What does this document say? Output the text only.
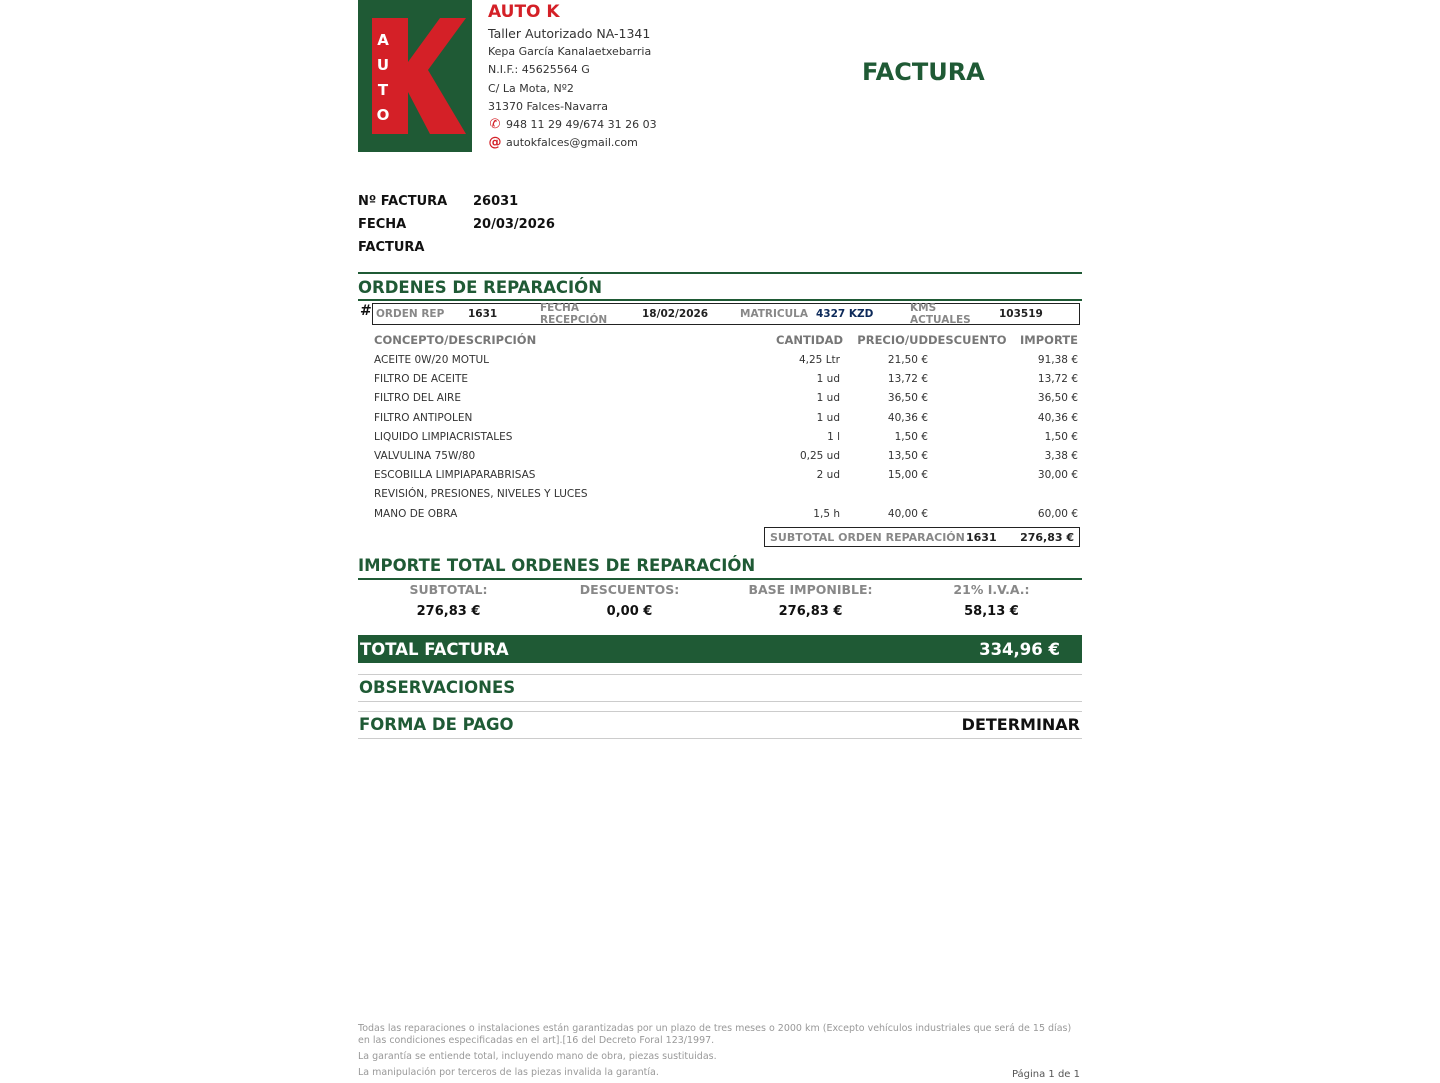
A
U
T
O
AUTO K
Taller Autorizado NA-1341
Kepa García Kanalaetxebarria
N.I.F.: 45625564 G
C/ La Mota, Nº2
31370 Falces-Navarra
✆ 948 11 29 49/674 31 26 03
@ autokfalces@gmail.com
FACTURA
Nº FACTURA	26031
FECHA FACTURA
20/03/2026
ORDENES DE REPARACIÓN
# ORDEN REP	1631	FECHA RECEPCIÓN	18/02/2026	MATRICULA 4327 KZD	KMS ACTUALES	103519
CONCEPTO/DESCRIPCIÓN	CANTIDAD	PRECIO/UD DESCUENTO	IMPORTE
ACEITE 0W/20 MOTUL	4,25 Ltr	21,50 €	91,38 €
FILTRO DE ACEITE	1 ud	13,72 €	13,72 €
FILTRO DEL AIRE	1 ud	36,50 €	36,50 €
FILTRO ANTIPOLEN	1 ud	40,36 €	40,36 €
LIQUIDO LIMPIACRISTALES	1 l	1,50 €	1,50 €
VALVULINA 75W/80	0,25 ud	13,50 €	3,38 €
ESCOBILLA LIMPIAPARABRISAS	2 ud	15,00 €	30,00 €
REVISIÓN, PRESIONES, NIVELES Y LUCES
MANO DE OBRA	1,5 h	40,00 €	60,00 €
SUBTOTAL ORDEN REPARACIÓN 1631	276,83 €
IMPORTE TOTAL ORDENES DE REPARACIÓN
SUBTOTAL:
276,83 €
DESCUENTOS:
0,00 €
BASE IMPONIBLE:
276,83 €
21% I.V.A.:
58,13 €
TOTAL FACTURA	334,96 €
OBSERVACIONES
FORMA DE PAGO	DETERMINAR

Todas las reparaciones o instalaciones están garantizadas por un plazo de tres meses o 2000 km (Excepto vehículos industriales que será de 15 días) en las condiciones especificadas en el art].[16 del Decreto Foral 123/1997.

La garantía se entiende total, incluyendo mano de obra, piezas sustituidas.

La manipulación por terceros de las piezas invalida la garantía.	Página 1 de 1
